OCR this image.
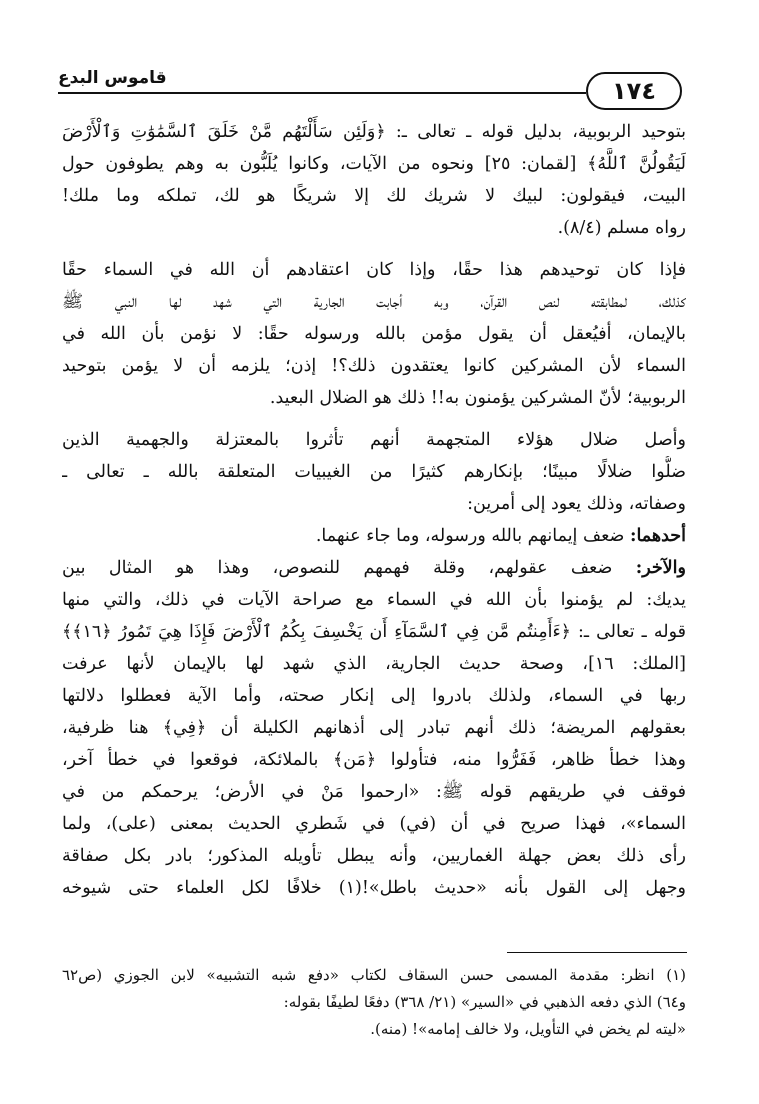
قاموس البدع	١٧٤
بتوحيد الربوبية، بدليل قوله ـ تعالى ـ: ﴿وَلَئِن سَأَلْتَهُم مَّنْ خَلَقَ ٱلسَّمَٰوَٰتِ وَٱلْأَرْضَ
لَيَقُولُنَّ ٱللَّهُ﴾ [لقمان: ٢٥] ونحوه من الآيات، وكانوا يُلَبُّون به وهم يطوفون حول
البيت، فيقولون: لبيك لا شريك لك إلا شريكًا هو لك، تملكه وما ملك!
رواه مسلم (٨/٤).
فإذا كان توحيدهم هذا حقًا، وإذا كان اعتقادهم أن الله في السماء حقًا
كذلك، لمطابقته لنص القرآن، وبه أجابت الجارية التي شهد لها النبي ﷺ
بالإيمان، أفيُعقل أن يقول مؤمن بالله ورسوله حقًا: لا نؤمن بأن الله في
السماء لأن المشركين كانوا يعتقدون ذلك؟! إذن؛ يلزمه أن لا يؤمن بتوحيد
الربوبية؛ لأنّ المشركين يؤمنون به!! ذلك هو الضلال البعيد.
وأصل ضلال هؤلاء المتجهمة أنهم تأثروا بالمعتزلة والجهمية الذين
ضلُّوا ضلالًا مبينًا؛ بإنكارهم كثيرًا من الغيبيات المتعلقة بالله ـ تعالى ـ
وصفاته، وذلك يعود إلى أمرين:
أحدهما: ضعف إيمانهم بالله ورسوله، وما جاء عنهما.
والآخر: ضعف عقولهم، وقلة فهمهم للنصوص، وهذا هو المثال بين
يديك: لم يؤمنوا بأن الله في السماء مع صراحة الآيات في ذلك، والتي منها
قوله ـ تعالى ـ: ﴿ءَأَمِنتُم مَّن فِي ٱلسَّمَآءِ أَن يَخْسِفَ بِكُمُ ٱلْأَرْضَ فَإِذَا هِيَ تَمُورُ ﴿١٦﴾﴾
[الملك: ١٦]، وصحة حديث الجارية، الذي شهد لها بالإيمان لأنها عرفت
ربها في السماء، ولذلك بادروا إلى إنكار صحته، وأما الآية فعطلوا دلالتها
بعقولهم المريضة؛ ذلك أنهم تبادر إلى أذهانهم الكليلة أن ﴿فِي﴾ هنا ظرفية،
وهذا خطأ ظاهر، فَفَرُّوا منه، فتأولوا ﴿مَن﴾ بالملائكة، فوقعوا في خطأ آخر،
فوقف في طريقهم قوله ﷺ: «ارحموا مَنْ في الأرض؛ يرحمكم من في
السماء»، فهذا صريح في أن (في) في شَطري الحديث بمعنى (على)، ولما
رأى ذلك بعض جهلة الغماريين، وأنه يبطل تأويله المذكور؛ بادر بكل صفاقة
وجهل إلى القول بأنه «حديث باطل»!(١) خلافًا لكل العلماء حتى شيوخه
(١) انظر: مقدمة المسمى حسن السقاف لكتاب «دفع شبه التشبيه» لابن الجوزي (ص٦٢
و٦٤) الذي دفعه الذهبي في «السير» (٢١/ ٣٦٨) دفعًا لطيفًا بقوله:
«ليته لم يخض في التأويل، ولا خالف إمامه»! (منه).
